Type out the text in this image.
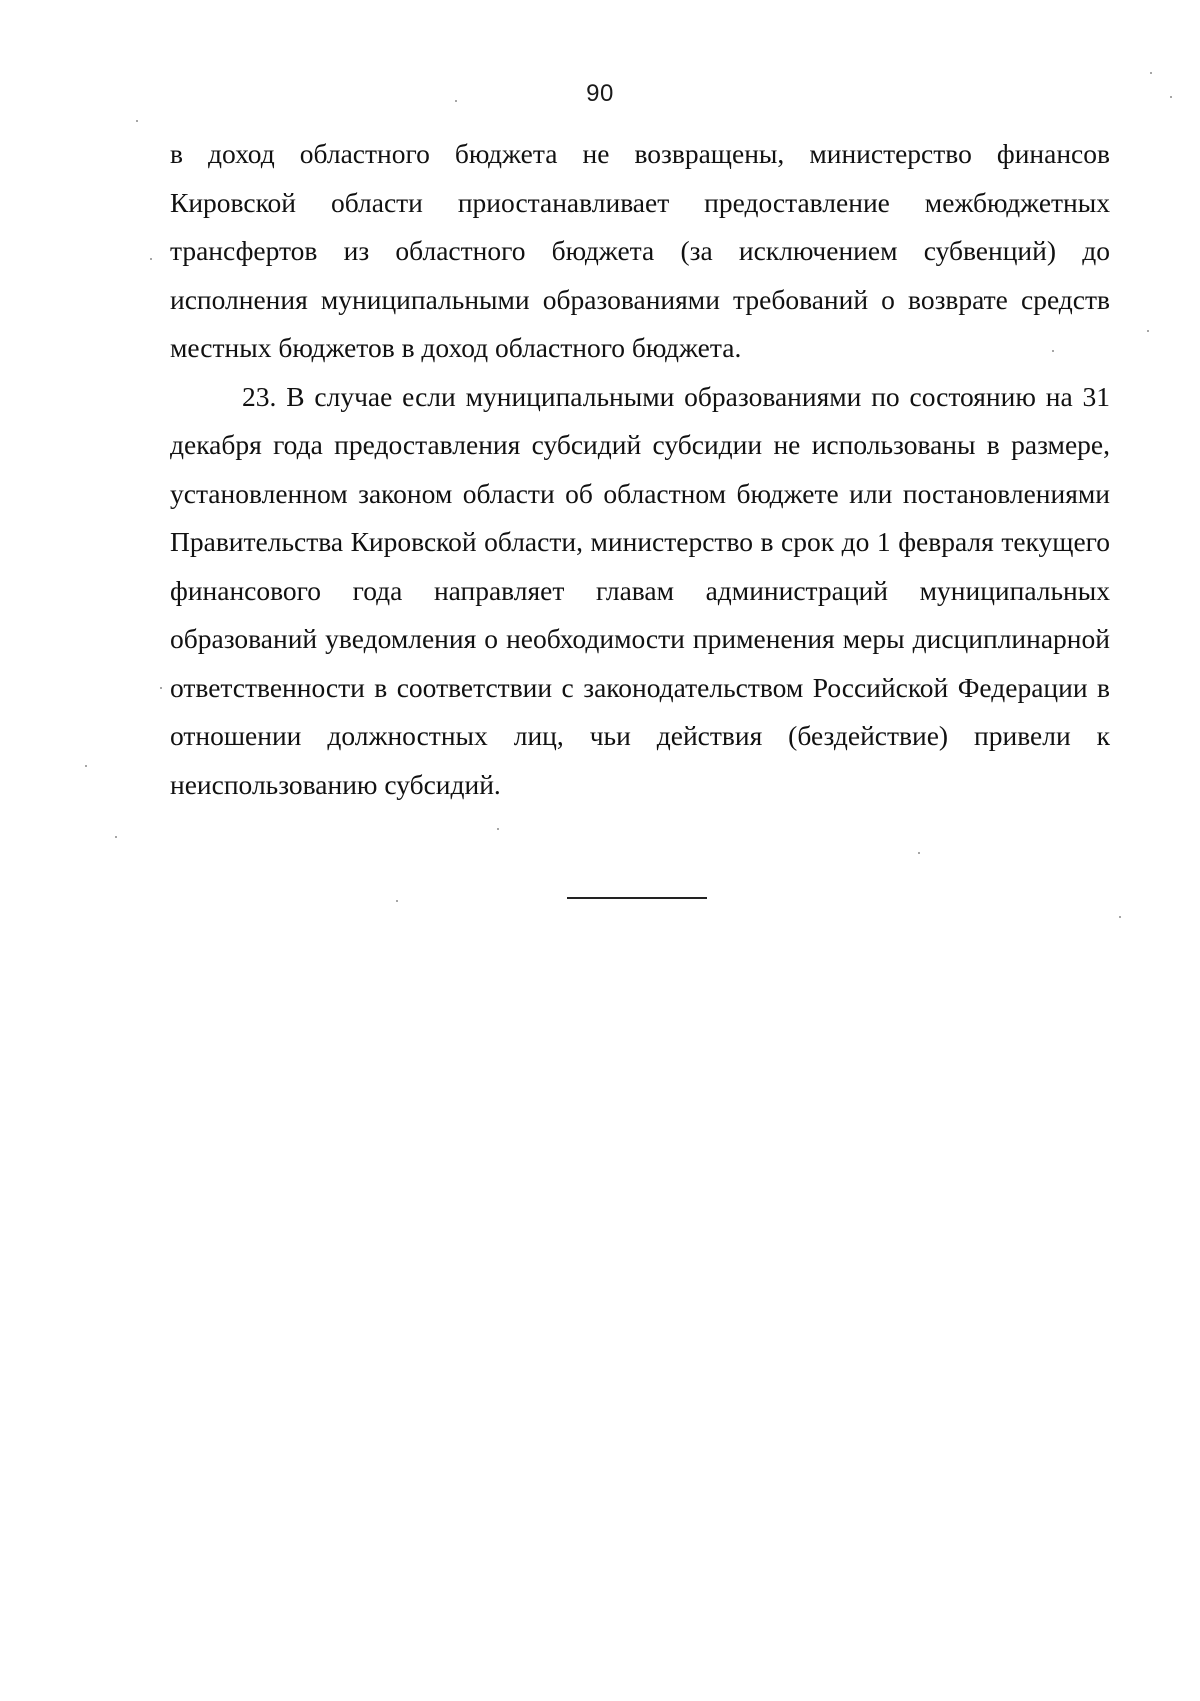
90

в доход областного бюджета не возвращены, министерство финансов Кировской области приостанавливает предоставление межбюджетных трансфертов из областного бюджета (за исключением субвенций) до исполнения муниципальными образованиями требований о возврате средств местных бюджетов в доход областного бюджета.

23. В случае если муниципальными образованиями по состоянию на 31 декабря года предоставления субсидий субсидии не использованы в размере, установленном законом области об областном бюджете или постановлениями Правительства Кировской области, министерство в срок до 1 февраля текущего финансового года направляет главам администраций муниципальных образований уведомления о необходимости применения меры дисциплинарной ответственности в соответствии с законодательством Российской Федерации в отношении должностных лиц, чьи действия (бездействие) привели к неиспользованию субсидий.
